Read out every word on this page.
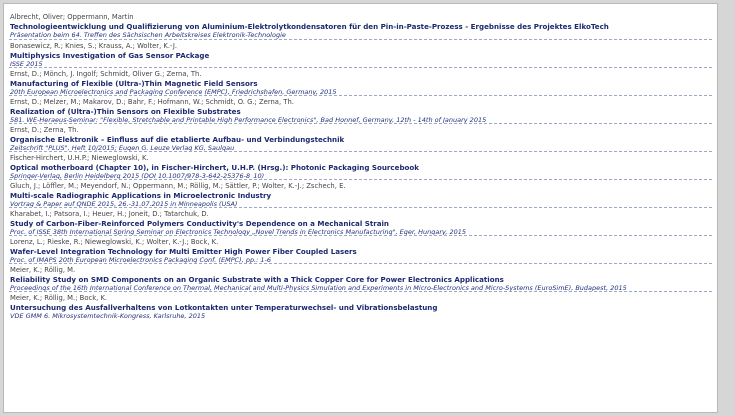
Albrecht, Oliver; Oppermann, Martin
Technologieentwicklung und Qualifizierung von Aluminium-Elektrolytkondensatoren für den Pin-in-Paste-Prozess - Ergebnisse des Projektes ElkoTech
Präsentation beim 64. Treffen des Sächsischen Arbeitskreises Elektronik-Technologie
Bonasewicz, R.; Knies, S.; Krauss, A.; Wolter, K.-J.
Multiphysics Investigation of Gas Sensor PAckage
ISSE 2015
Ernst, D.; Mönch, J. Ingolf; Schmidt, Oliver G.; Zerna, Th.
Manufacturing of Flexible (Ultra-)Thin Magnetic Field Sensors
20th European Microelectronics and Packaging Conference (EMPC), Friedrichshafen, Germany, 2015
Ernst, D.; Melzer, M.; Makarov, D.; Bahr, F.; Hofmann, W.; Schmidt, O. G.; Zerna, Th.
Realization of (Ultra-)Thin Sensors on Flexible Substrates
581. WE-Heraeus-Seminar: "Flexible, Stretchable and Printable High Performance Electronics", Bad Honnef, Germany, 12th - 14th of January 2015
Ernst, D.; Zerna, Th.
Organische Elektronik – Einfluss auf die etablierte Aufbau- und Verbindungstechnik
Zeitschrift "PLUS", Heft 10/2015; Eugen G. Leuze Verlag KG, Saulgau
Fischer-Hirchert, U.H.P.; Nieweglowski, K.
Optical motherboard (Chapter 10), in Fischer-Hirchert, U.H.P. (Hrsg.): Photonic Packaging Sourcebook
Springer-Verlag, Berlin Heidelberg 2015 (DOI 10.1007/978-3-642-25376-8_10)
Gluch, J.; Löffler, M.; Meyendorf, N.; Oppermann, M.; Röllig, M.; Sättler, P.; Wolter, K.-J.; Zschech, E.
Multi-scale Radiographic Applications in Microelectronic Industry
Vortrag & Paper auf QNDE 2015, 26.-31.07.2015 in Minneapolis (USA)
Kharabet, I.; Patsora, I.; Heuer, H.; Joneit, D.; Tatarchuk, D.
Study of Carbon-Fiber-Reinforced Polymers Conductivity's Dependence on a Mechanical Strain
Proc. of ISSE 38th International Spring Seminar on Electronics Technology „Novel Trends in Electronics Manufacturing", Eger, Hungary, 2015
Lorenz, L.; Rieske, R.; Nieweglowski, K.; Wolter, K.-J.; Bock, K.
Wafer-Level Integration Technology for Multi Emitter High Power Fiber Coupled Lasers
Proc. of IMAPS 20th European Microelectronics Packaging Conf. (EMPC), pp.: 1-6
Meier, K.; Röllig, M.
Reliability Study on SMD Components on an Organic Substrate with a Thick Copper Core for Power Electronics Applications
Proceedings of the 16th International Conference on Thermal, Mechanical and Multi-Physics Simulation and Experiments in Micro-Electronics and Micro-Systems (EuroSimE), Budapest, 2015
Meier, K.; Röllig, M.; Bock, K.
Untersuchung des Ausfallverhaltens von Lotkontakten unter Temperaturwechsel- und Vibrationsbelastung
VDE GMM 6. Mikrosystemtechnik-Kongress, Karlsruhe, 2015
